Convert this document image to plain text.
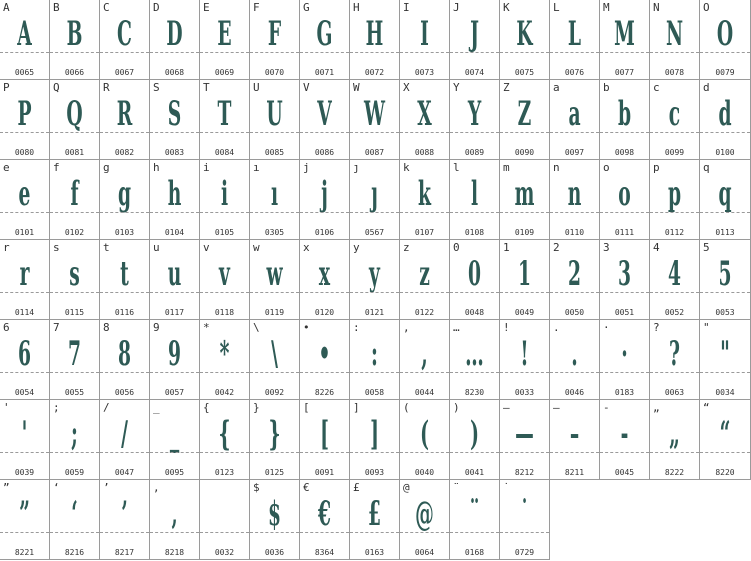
A
A
0065
B
B
0066
C
C
0067
D
D
0068
E
E
0069
F
F
0070
G
G
0071
H
H
0072
I
I
0073
J
J
0074
K
K
0075
L
L
0076
M
M
0077
N
N
0078
O
O
0079
P
P
0080
Q
Q
0081
R
R
0082
S
S
0083
T
T
0084
U
U
0085
V
V
0086
W
W
0087
X
X
0088
Y
Y
0089
Z
Z
0090
a
a
0097
b
b
0098
c
c
0099
d
d
0100
e
e
0101
f
f
0102
g
g
0103
h
h
0104
i
i
0105
ı
ı
0305
j
j
0106
ȷ
ȷ
0567
k
k
0107
l
l
0108
m
m
0109
n
n
0110
o
o
0111
p
p
0112
q
q
0113
r
r
0114
s
s
0115
t
t
0116
u
u
0117
v
v
0118
w
w
0119
x
x
0120
y
y
0121
z
z
0122
0
0
0048
1
1
0049
2
2
0050
3
3
0051
4
4
0052
5
5
0053
6
6
0054
7
7
0055
8
8
0056
9
9
0057
*
*
0042
\
\
0092
•
•
8226
:
:
0058
,
,
0044
…
…
8230
!
!
0033
.
.
0046
·
·
0183
?
?
0063
"
"
0034
'
'
0039
;
;
0059
/
/
0047
_
_
0095
{
{
0123
}
}
0125
[
[
0091
]
]
0093
(
(
0040
)
)
0041
—
—
8212
–
–
8211
-
-
0045
„
„
8222
“
“
8220
”
”
8221
‘
‘
8216
’
’
8217
‚
‚
8218	0032
$
$
0036
€
€
8364
£
£
0163
@
@
0064
¨
¨
0168
˙
˙
0729
